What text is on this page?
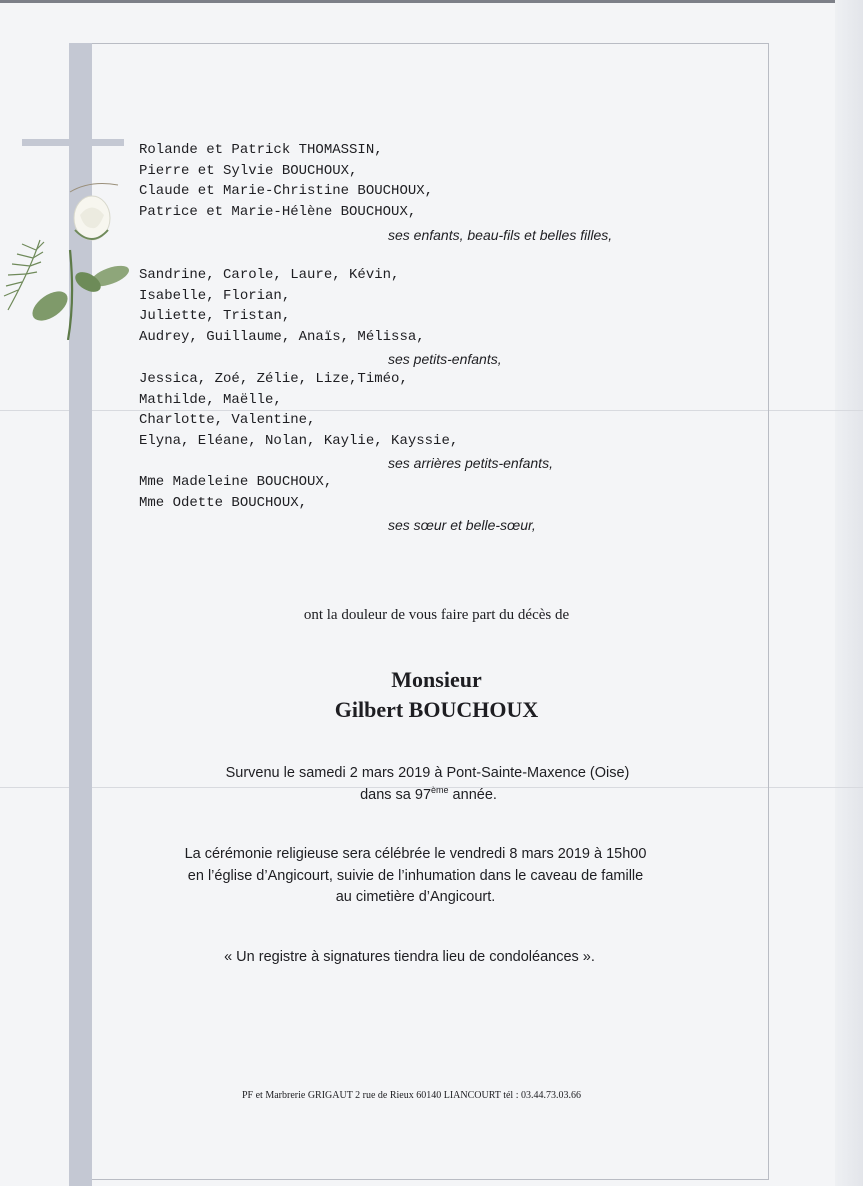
Rolande et Patrick THOMASSIN,
Pierre et Sylvie BOUCHOUX,
Claude et Marie-Christine BOUCHOUX,
Patrice et Marie-Hélène BOUCHOUX,

ses enfants, beau-fils et belles filles,

Sandrine, Carole, Laure, Kévin,
Isabelle, Florian,
Juliette, Tristan,
Audrey, Guillaume, Anaïs, Mélissa,

ses petits-enfants,

Jessica, Zoé, Zélie, Lize,Timéo,
Mathilde, Maëlle,
Charlotte, Valentine,
Elyna, Eléane, Nolan, Kaylie, Kayssie,

ses arrières petits-enfants,

Mme Madeleine BOUCHOUX,
Mme Odette BOUCHOUX,

ses sœur et belle-sœur,

ont la douleur de vous faire part du décès de

Monsieur

Gilbert BOUCHOUX

Survenu le samedi 2 mars 2019 à Pont-Sainte-Maxence (Oise)

dans sa 97ème année.

La cérémonie religieuse sera célébrée le vendredi 8 mars 2019 à 15h00

en l’église d’Angicourt, suivie de l’inhumation dans le caveau de famille

au cimetière d’Angicourt.

« Un registre à signatures tiendra lieu de condoléances ».

PF et Marbrerie GRIGAUT 2 rue de Rieux 60140 LIANCOURT tél : 03.44.73.03.66
